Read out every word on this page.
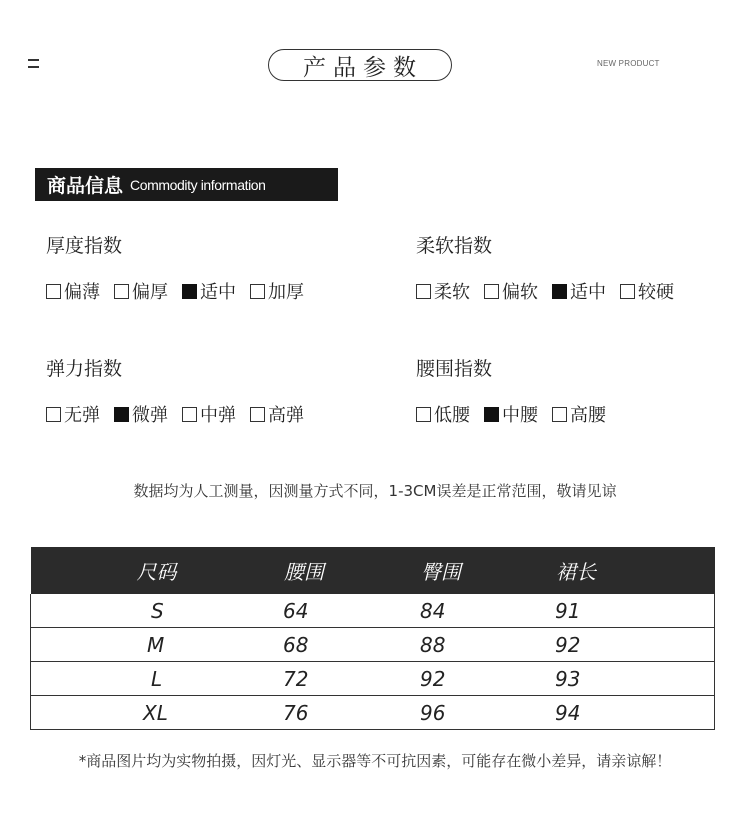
产品参数	NEW PRODUCT
商品信息 Commodity information
厚度指数
偏薄 偏厚 适中 加厚
柔软指数
柔软 偏软 适中 较硬
弹力指数
无弹 微弹 中弹 高弹
腰围指数
低腰 中腰 高腰
数据均为人工测量，因测量方式不同，1-3CM误差是正常范围，敬请见谅
尺码	腰围	臀围	裙长
S	64	84	91
M	68	88	92
L	72	92	93
XL	76	96	94
*商品图片均为实物拍摄，因灯光、显示器等不可抗因素，可能存在微小差异，请亲谅解！
